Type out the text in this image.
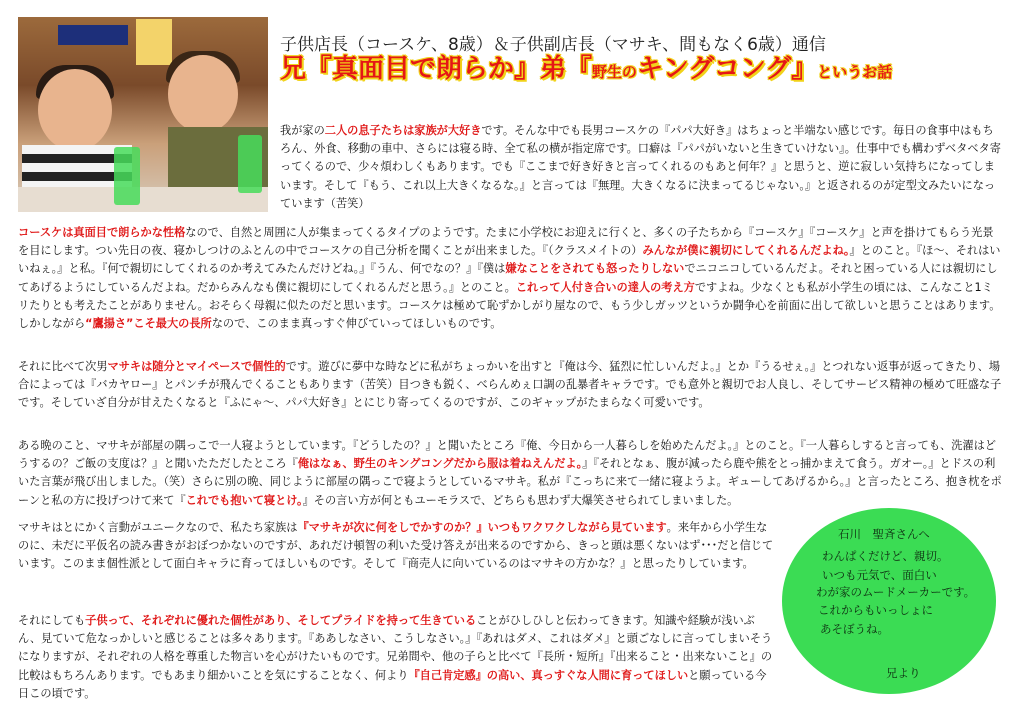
子供店長（コースケ、8歳）＆子供副店長（マサキ、間もなく6歳）通信
兄『真面目で朗らか』弟『野生のキングコング』というお話
我が家の二人の息子たちは家族が大好きです。そんな中でも長男コースケの『パパ大好き』はちょっと半端ない感じです。毎日の食事中はもちろん、外食、移動の車中、さらには寝る時、全て私の横が指定席です。口癖は『パパがいないと生きていけない』。仕事中でも構わずベタベタ寄ってくるので、少々煩わしくもあります。でも『ここまで好き好きと言ってくれるのもあと何年？』と思うと、逆に寂しい気持ちになってしまいます。そして『もう、これ以上大きくなるな。』と言っては『無理。大きくなるに決まってるじゃない。』と返されるのが定型文みたいになっています（苦笑）
コースケは真面目で朗らかな性格なので、自然と周囲に人が集まってくるタイプのようです。たまに小学校にお迎えに行くと、多くの子たちから『コースケ』『コースケ』と声を掛けてもらう光景を目にします。つい先日の夜、寝かしつけのふとんの中でコースケの自己分析を聞くことが出来ました。『（クラスメイトの）みんなが僕に親切にしてくれるんだよね。』とのこと。『ほ～、それはいいねぇ。』と私。『何で親切にしてくれるのか考えてみたんだけどね。』『うん、何でなの？』『僕は嫌なことをされても怒ったりしないでニコニコしているんだよ。それと困っている人には親切にしてあげるようにしているんだよね。だからみんなも僕に親切にしてくれるんだと思う。』とのこと。これって人付き合いの達人の考え方ですよね。少なくとも私が小学生の頃には、こんなこと1ミリたりとも考えたことがありません。おそらく母親に似たのだと思います。コースケは極めて恥ずかしがり屋なので、もう少しガッツというか闘争心を前面に出して欲しいと思うことはあります。しかしながら“鷹揚さ”こそ最大の長所なので、このまま真っすぐ伸びていってほしいものです。
それに比べて次男マサキは随分とマイペースで個性的です。遊びに夢中な時などに私がちょっかいを出すと『俺は今、猛烈に忙しいんだよ。』とか『うるせぇ。』とつれない返事が返ってきたり、場合によっては『バカヤロー』とパンチが飛んでくることもあります（苦笑）目つきも鋭く、べらんめぇ口調の乱暴者キャラです。でも意外と親切でお人良し、そしてサービス精神の極めて旺盛な子です。そしていざ自分が甘えたくなると『ふにゃ～、パパ大好き』とにじり寄ってくるのですが、このギャップがたまらなく可愛いです。
ある晩のこと、マサキが部屋の隅っこで一人寝ようとしています。『どうしたの？』と聞いたところ『俺、今日から一人暮らしを始めたんだよ。』とのこと。『一人暮らしすると言っても、洗濯はどうするの？ご飯の支度は？』と聞いたただしたところ『俺はなぁ、野生のキングコングだから服は着ねえんだよ。』『それとなぁ、腹が減ったら鹿や熊をとっ捕かまえて食う。ガオー。』とドスの利いた言葉が飛び出しました。（笑）さらに別の晩、同じように部屋の隅っこで寝ようとしているマサキ。私が『こっちに来て一緒に寝ようよ。ギューしてあげるから。』と言ったところ、抱き枕をポーンと私の方に投げつけて来て『これでも抱いて寝とけ。』その言い方が何ともユーモラスで、どちらも思わず大爆笑させられてしまいました。
マサキはとにかく言動がユニークなので、私たち家族は『マサキが次に何をしでかすのか？』いつもワクワクしながら見ています。来年から小学生なのに、未だに平仮名の読み書きがおぼつかないのですが、あれだけ頓智の利いた受け答えが出来るのですから、きっと頭は悪くないはず･･･だと信じています。このまま個性派として面白キャラに育ってほしいものです。そして『商売人に向いているのはマサキの方かな？』と思ったりしています。
それにしても子供って、それぞれに優れた個性があり、そしてプライドを持って生きていることがひしひしと伝わってきます。知識や経験が浅いぶん、見ていて危なっかしいと感じることは多々あります。『ああしなさい、こうしなさい。』『あれはダメ、これはダメ』と頭ごなしに言ってしまいそうになりますが、それぞれの人格を尊重した物言いを心がけたいものです。兄弟間や、他の子らと比べて『長所・短所』『出来ること・出来ないこと』の比較はもちろんあります。でもあまり細かいことを気にすることなく、何より『自己肯定感』の高い、真っすぐな人間に育ってほしいと願っている今日この頃です。
石川　聖斉さんへ
わんぱくだけど、親切。
いつも元気で、面白い
わが家のムードメーカーです。
これからもいっしょに
あそぼうね。
兄より
